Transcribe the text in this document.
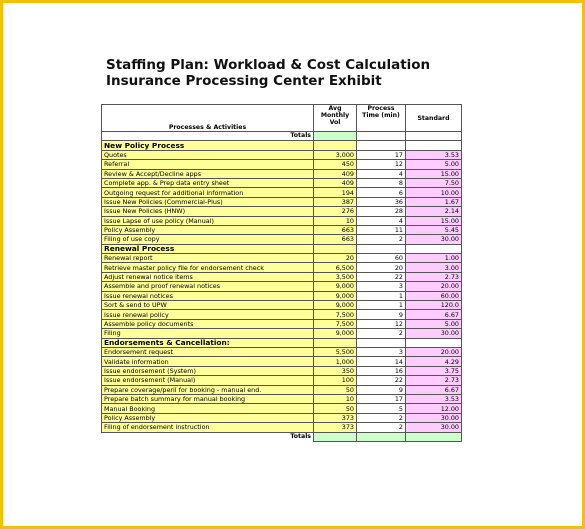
Staffing Plan: Workload & Cost Calculation
Insurance Processing Center Exhibit
Processes & Activities	Avg Monthly Vol	Process Time (min)	Standard
Totals			
New Policy Process			
Quotes	3,000	17	3.53
Referral	450	12	5.00
Review & Accept/Decline apps	409	4	15.00
Complete app. & Prep data entry sheet	409	8	7.50
Outgoing request for additional information	194	6	10.00
Issue New Policies (Commercial-Plus)	387	36	1.67
Issue New Policies (HNW)	276	28	2.14
Issue Lapse of use policy (Manual)	10	4	15.00
Policy Assembly	663	11	5.45
Filing of use copy	663	2	30.00
Renewal Process			
Renewal report	20	60	1.00
Retrieve master policy file for endorsement check	6,500	20	3.00
Adjust renewal notice items	3,500	22	2.73
Assemble and proof renewal notices	9,000	3	20.00
Issue renewal notices	9,000	1	60.00
Sort & send to UPW	9,000	1	120.0
Issue renewal policy	7,500	9	6.67
Assemble policy documents	7,500	12	5.00
Filing	9,000	2	30.00
Endorsements & Cancellation:			
Endorsement request	5,500	3	20.00
Validate information	1,000	14	4.29
Issue endorsement (System)	350	16	3.75
Issue endorsement (Manual)	100	22	2.73
Prepare coverage/peril for booking - manual end.	50	9	6.67
Prepare batch summary for manual booking	10	17	3.53
Manual Booking	50	5	12.00
Policy Assembly	373	2	30.00
Filing of endorsement instruction	373	2	30.00
Totals			
